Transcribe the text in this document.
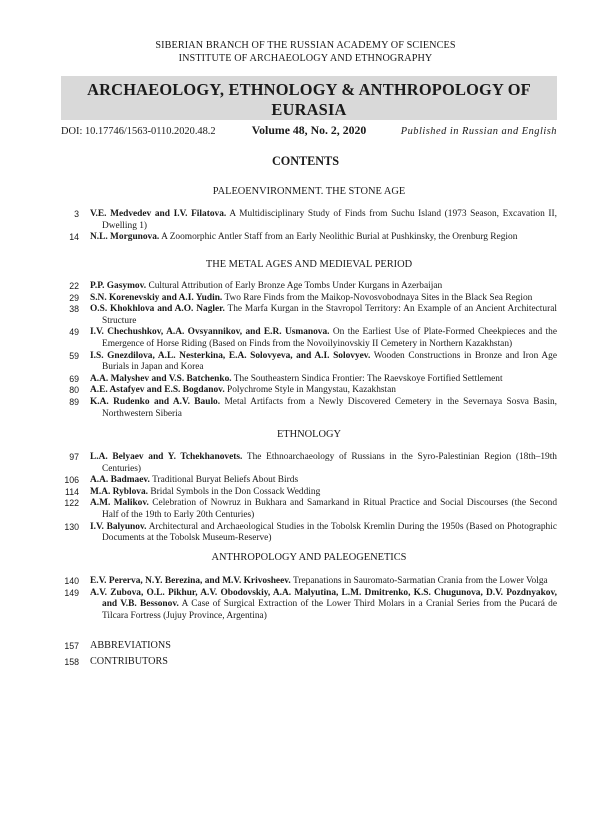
SIBERIAN BRANCH OF THE RUSSIAN ACADEMY OF SCIENCES
INSTITUTE OF ARCHAEOLOGY AND ETHNOGRAPHY
ARCHAEOLOGY, ETHNOLOGY & ANTHROPOLOGY OF EURASIA
Volume 48, No. 2, 2020
DOI: 10.17746/1563-0110.2020.48.2	Published in Russian and English
CONTENTS
PALEOENVIRONMENT. THE STONE AGE
3 V.E. Medvedev and I.V. Filatova. A Multidisciplinary Study of Finds from Suchu Island (1973 Season, Excavation II, Dwelling 1)
14 N.L. Morgunova. A Zoomorphic Antler Staff from an Early Neolithic Burial at Pushkinsky, the Orenburg Region
THE METAL AGES AND MEDIEVAL PERIOD
22 P.P. Gasymov. Cultural Attribution of Early Bronze Age Tombs Under Kurgans in Azerbaijan
29 S.N. Korenevskiy and A.I. Yudin. Two Rare Finds from the Maikop-Novosvobodnaya Sites in the Black Sea Region
38 O.S. Khokhlova and A.O. Nagler. The Marfa Kurgan in the Stavropol Territory: An Example of an Ancient Architectural Structure
49 I.V. Chechushkov, A.A. Ovsyannikov, and E.R. Usmanova. On the Earliest Use of Plate-Formed Cheekpieces and the Emergence of Horse Riding (Based on Finds from the Novoilyinovskiy II Cemetery in Northern Kazakhstan)
59 I.S. Gnezdilova, A.L. Nesterkina, E.A. Solovyeva, and A.I. Solovyev. Wooden Constructions in Bronze and Iron Age Burials in Japan and Korea
69 A.A. Malyshev and V.S. Batchenko. The Southeastern Sindica Frontier: The Raevskoye Fortified Settlement
80 A.E. Astafyev and E.S. Bogdanov. Polychrome Style in Mangystau, Kazakhstan
89 K.A. Rudenko and A.V. Baulo. Metal Artifacts from a Newly Discovered Cemetery in the Severnaya Sosva Basin, Northwestern Siberia
ETHNOLOGY
97 L.A. Belyaev and Y. Tchekhanovets. The Ethnoarchaeology of Russians in the Syro-Palestinian Region (18th–19th Centuries)
106 A.A. Badmaev. Traditional Buryat Beliefs About Birds
114 M.A. Ryblova. Bridal Symbols in the Don Cossack Wedding
122 A.M. Malikov. Celebration of Nowruz in Bukhara and Samarkand in Ritual Practice and Social Discourses (the Second Half of the 19th to Early 20th Centuries)
130 I.V. Balyunov. Architectural and Archaeological Studies in the Tobolsk Kremlin During the 1950s (Based on Photographic Documents at the Tobolsk Museum-Reserve)
ANTHROPOLOGY AND PALEOGENETICS
140 E.V. Pererva, N.Y. Berezina, and M.V. Krivosheev. Trepanations in Sauromato-Sarmatian Crania from the Lower Volga
149 A.V. Zubova, O.L. Pikhur, A.V. Obodovskiy, A.A. Malyutina, L.M. Dmitrenko, K.S. Chugunova, D.V. Pozdnyakov, and V.B. Bessonov. A Case of Surgical Extraction of the Lower Third Molars in a Cranial Series from the Pucará de Tilcara Fortress (Jujuy Province, Argentina)
157 ABBREVIATIONS
158 CONTRIBUTORS
